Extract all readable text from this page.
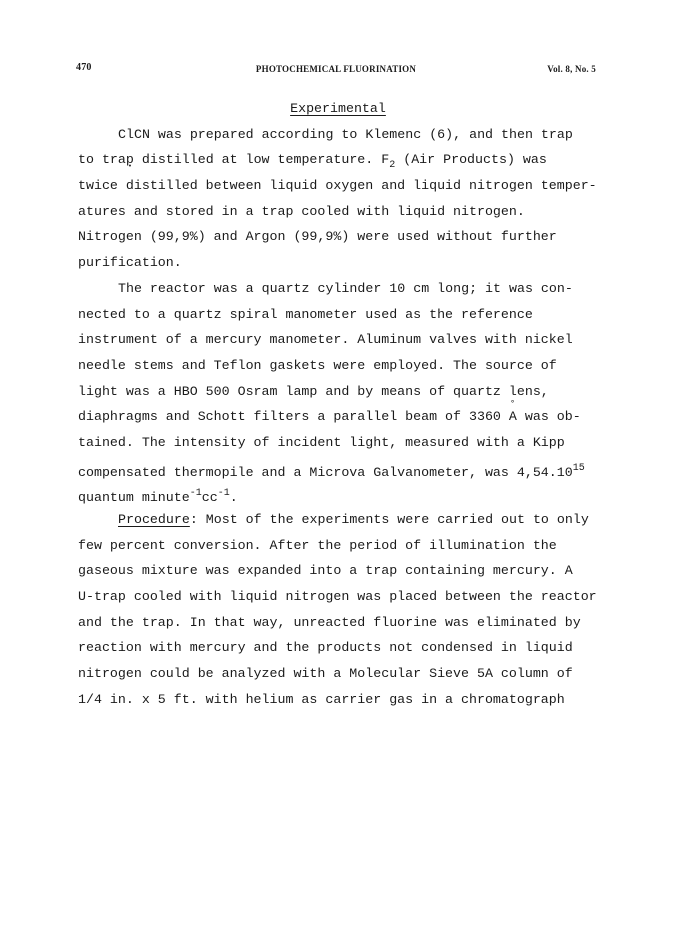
470	PHOTOCHEMICAL FLUORINATION	Vol. 8, No. 5
Experimental
ClCN was prepared according to Klemenc (6), and then trap
to trap • distilled at low temperature. $F_2$ (Air Products) was
twice distilled between liquid oxygen and liquid nitrogen temper-
atures and stored in a trap cooled with liquid nitrogen.
Nitrogen (99,9%) and Argon (99,9%) were used without further
purification.
The reactor was a quartz cylinder 10 cm long; it was con-
nected to a quartz spiral manometer used as the reference
instrument of a mercury manometer. Aluminum valves with nickel
needle stems and Teflon gaskets were employed. The source of
light was a HBO 500 Osram lamp and by means of quartz lens,
diaphragms and Schott filters a parallel beam of 3360 ° A was ob-
tained. The intensity of incident light, measured with a Kipp
compensated thermopile and a Microva Galvanometer, was 4,54.10$^{15}$
quantum $minute^{-1}cc^{-1}$.
Procedure: Most of the experiments were carried out to only
few percent conversion. After the period of illumination the
gaseous mixture was expanded into a trap containing mercury. A
U-trap cooled with liquid nitrogen was placed between the reactor
and the trap. In that way, unreacted fluorine was eliminated by
reaction with mercury and the products not condensed in liquid
nitrogen could be analyzed with a Molecular Sieve 5A column of
1/4 in. x 5 ft. with helium as carrier gas in a chromatograph
